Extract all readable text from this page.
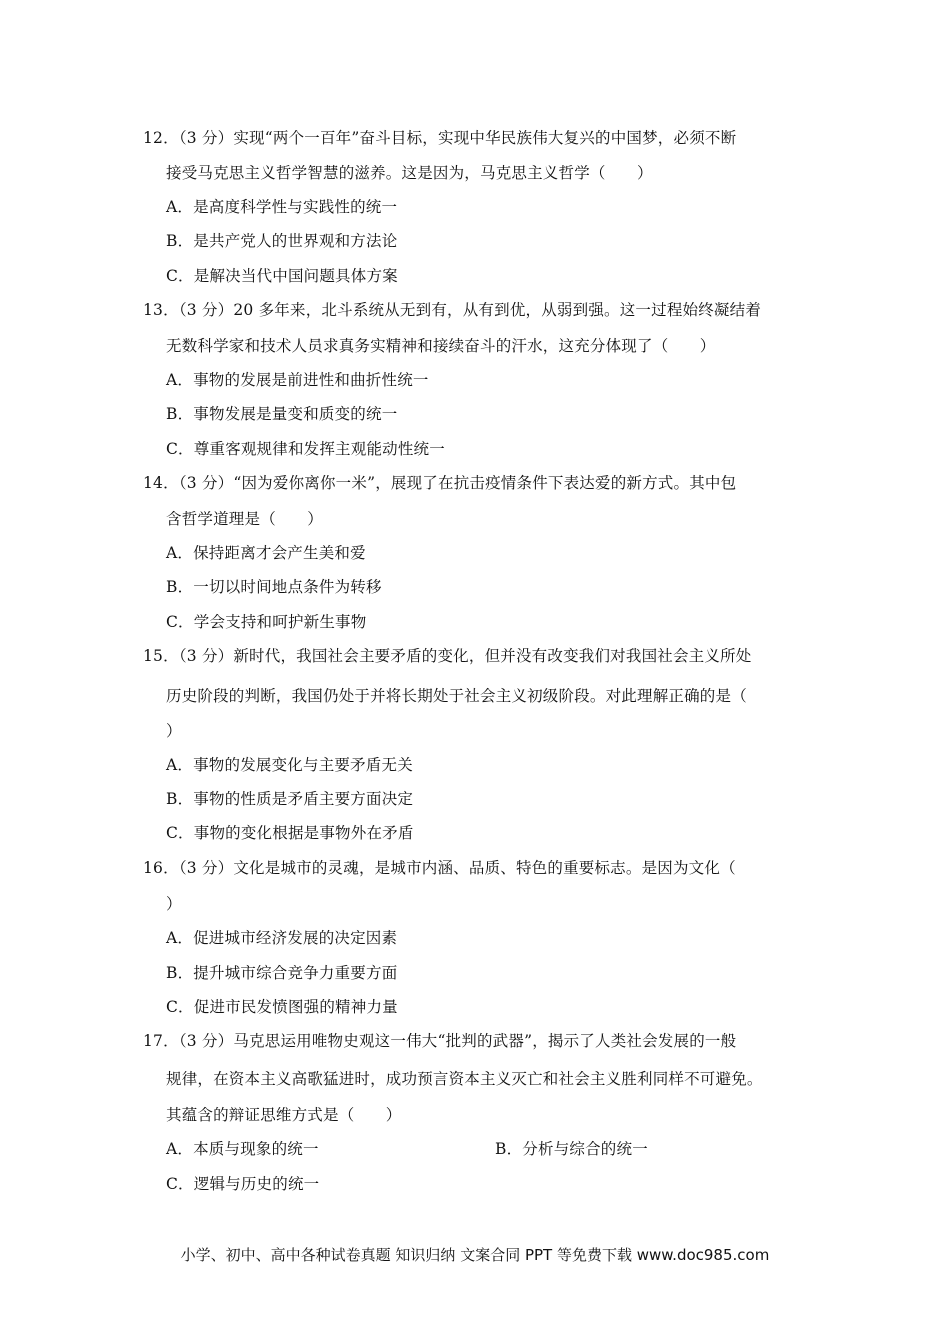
12．（3 分）实现“两个一百年”奋斗目标，实现中华民族伟大复兴的中国梦，必须不断
接受马克思主义哲学智慧的滋养。这是因为，马克思主义哲学（　　）
A．是高度科学性与实践性的统一
B．是共产党人的世界观和方法论
C．是解决当代中国问题具体方案
13．（3 分）20 多年来，北斗系统从无到有，从有到优，从弱到强。这一过程始终凝结着
无数科学家和技术人员求真务实精神和接续奋斗的汗水，这充分体现了（　　）
A．事物的发展是前进性和曲折性统一
B．事物发展是量变和质变的统一
C．尊重客观规律和发挥主观能动性统一
14．（3 分）“因为爱你离你一米”，展现了在抗击疫情条件下表达爱的新方式。其中包
含哲学道理是（　　）
A．保持距离才会产生美和爱
B．一切以时间地点条件为转移
C．学会支持和呵护新生事物
15．（3 分）新时代，我国社会主要矛盾的变化，但并没有改变我们对我国社会主义所处
历史阶段的判断，我国仍处于并将长期处于社会主义初级阶段。对此理解正确的是（
）
A．事物的发展变化与主要矛盾无关
B．事物的性质是矛盾主要方面决定
C．事物的变化根据是事物外在矛盾
16．（3 分）文化是城市的灵魂，是城市内涵、品质、特色的重要标志。是因为文化（
）
A．促进城市经济发展的决定因素
B．提升城市综合竞争力重要方面
C．促进市民发愤图强的精神力量
17．（3 分）马克思运用唯物史观这一伟大“批判的武器”，揭示了人类社会发展的一般
规律，在资本主义高歌猛进时，成功预言资本主义灭亡和社会主义胜利同样不可避免。
其蕴含的辩证思维方式是（　　）
A．本质与现象的统一	B．分析与综合的统一
C．逻辑与历史的统一
小学、初中、高中各种试卷真题 知识归纳 文案合同 PPT 等免费下载 www.doc985.com
